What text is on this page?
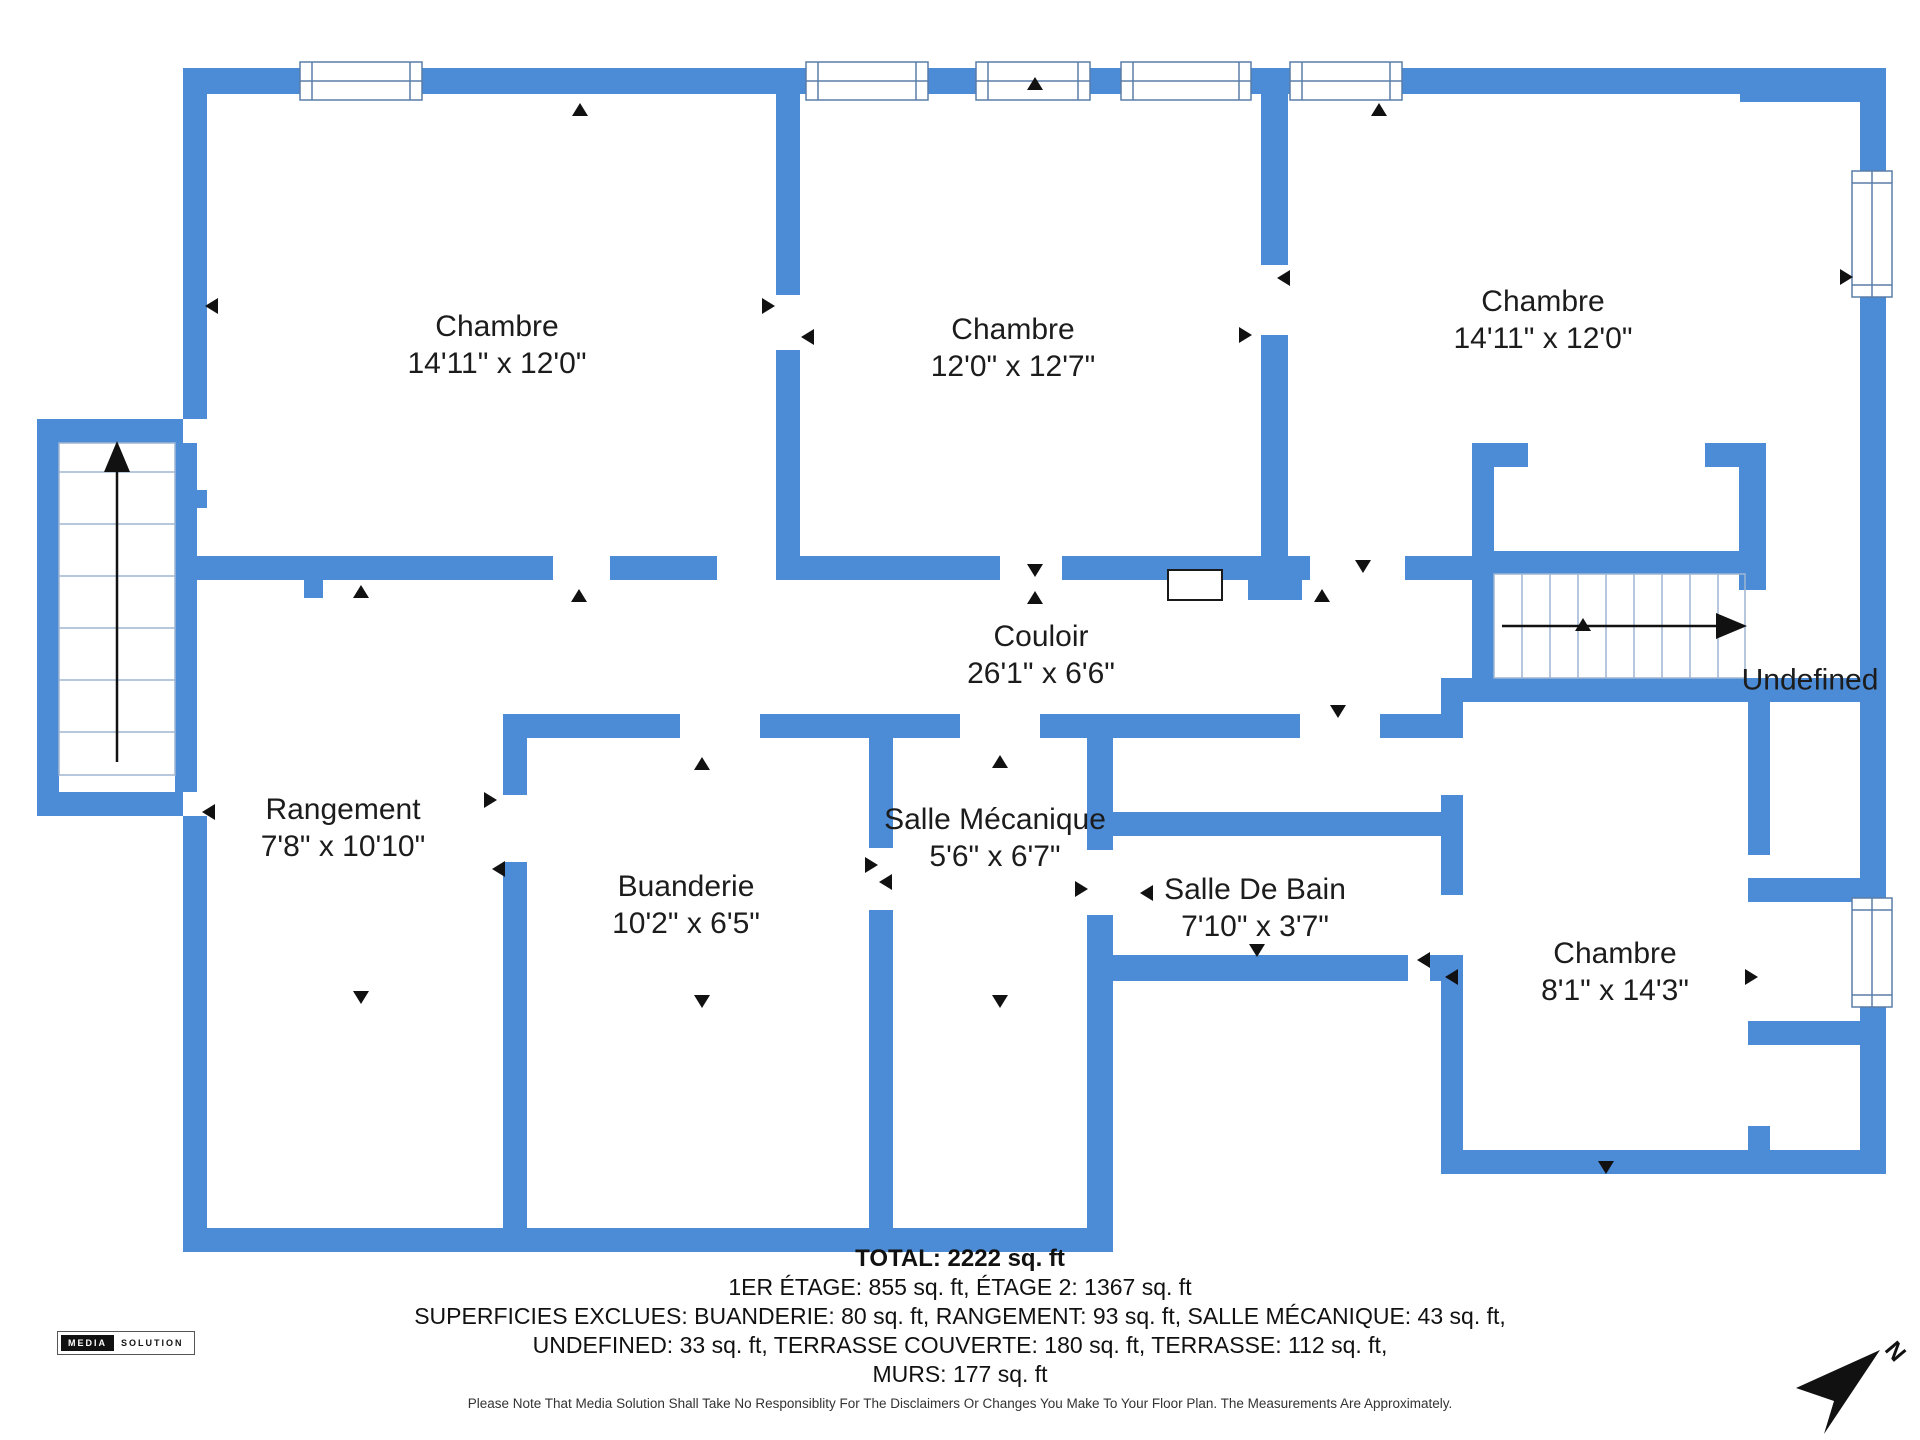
Chambre
14'11" x 12'0"
Chambre
12'0" x 12'7"
Chambre
14'11" x 12'0"
Couloir
26'1" x 6'6"
Rangement
7'8" x 10'10"
Buanderie
10'2" x 6'5"
Salle Mécanique
5'6" x 6'7"
Salle De Bain
7'10" x 3'7"
Chambre
8'1" x 14'3"
Undefined
TOTAL: 2222 sq. ft
1ER ÉTAGE: 855 sq. ft, ÉTAGE 2: 1367 sq. ft
SUPERFICIES EXCLUES: BUANDERIE: 80 sq. ft, RANGEMENT: 93 sq. ft, SALLE MÉCANIQUE: 43 sq. ft,
UNDEFINED: 33 sq. ft, TERRASSE COUVERTE: 180 sq. ft, TERRASSE: 112 sq. ft,
MURS: 177 sq. ft
Please Note That Media Solution Shall Take No Responsiblity For The Disclaimers Or Changes You Make To Your Floor Plan. The Measurements Are Approximately.
MEDIA	SOLUTION	N
